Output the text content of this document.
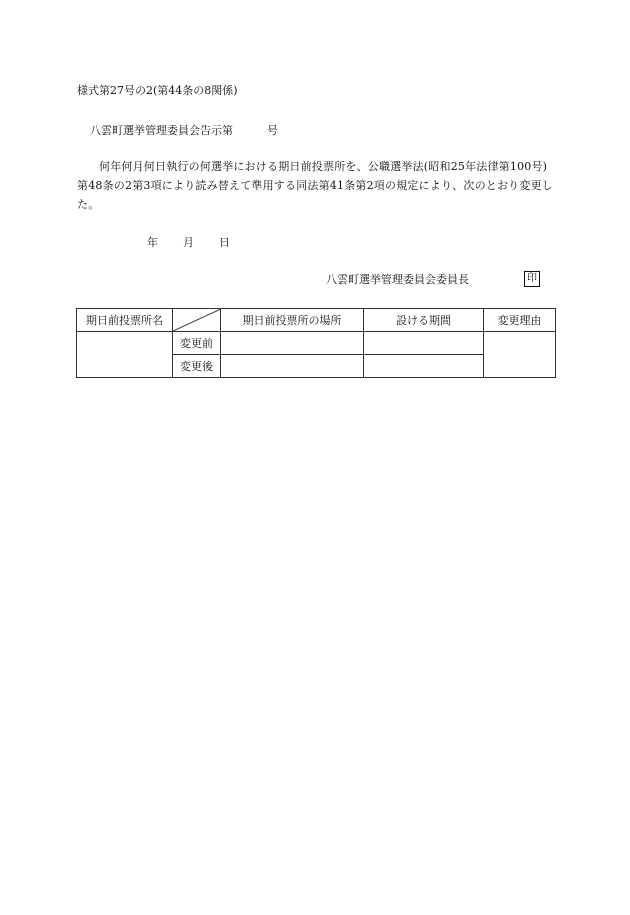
様式第27号の2(第44条の8関係)
八雲町選挙管理委員会告示第	号
何年何月何日執行の何選挙における期日前投票所を、公職選挙法(昭和25年法律第100号)第48条の2第3項により読み替えて準用する同法第41条第2項の規定により、次のとおり変更した。
年 月 日
八雲町選挙管理委員会委員長	印
期日前投票所名		期日前投票所の場所	設ける期間	変更理由
	変更前			
	変更後			
